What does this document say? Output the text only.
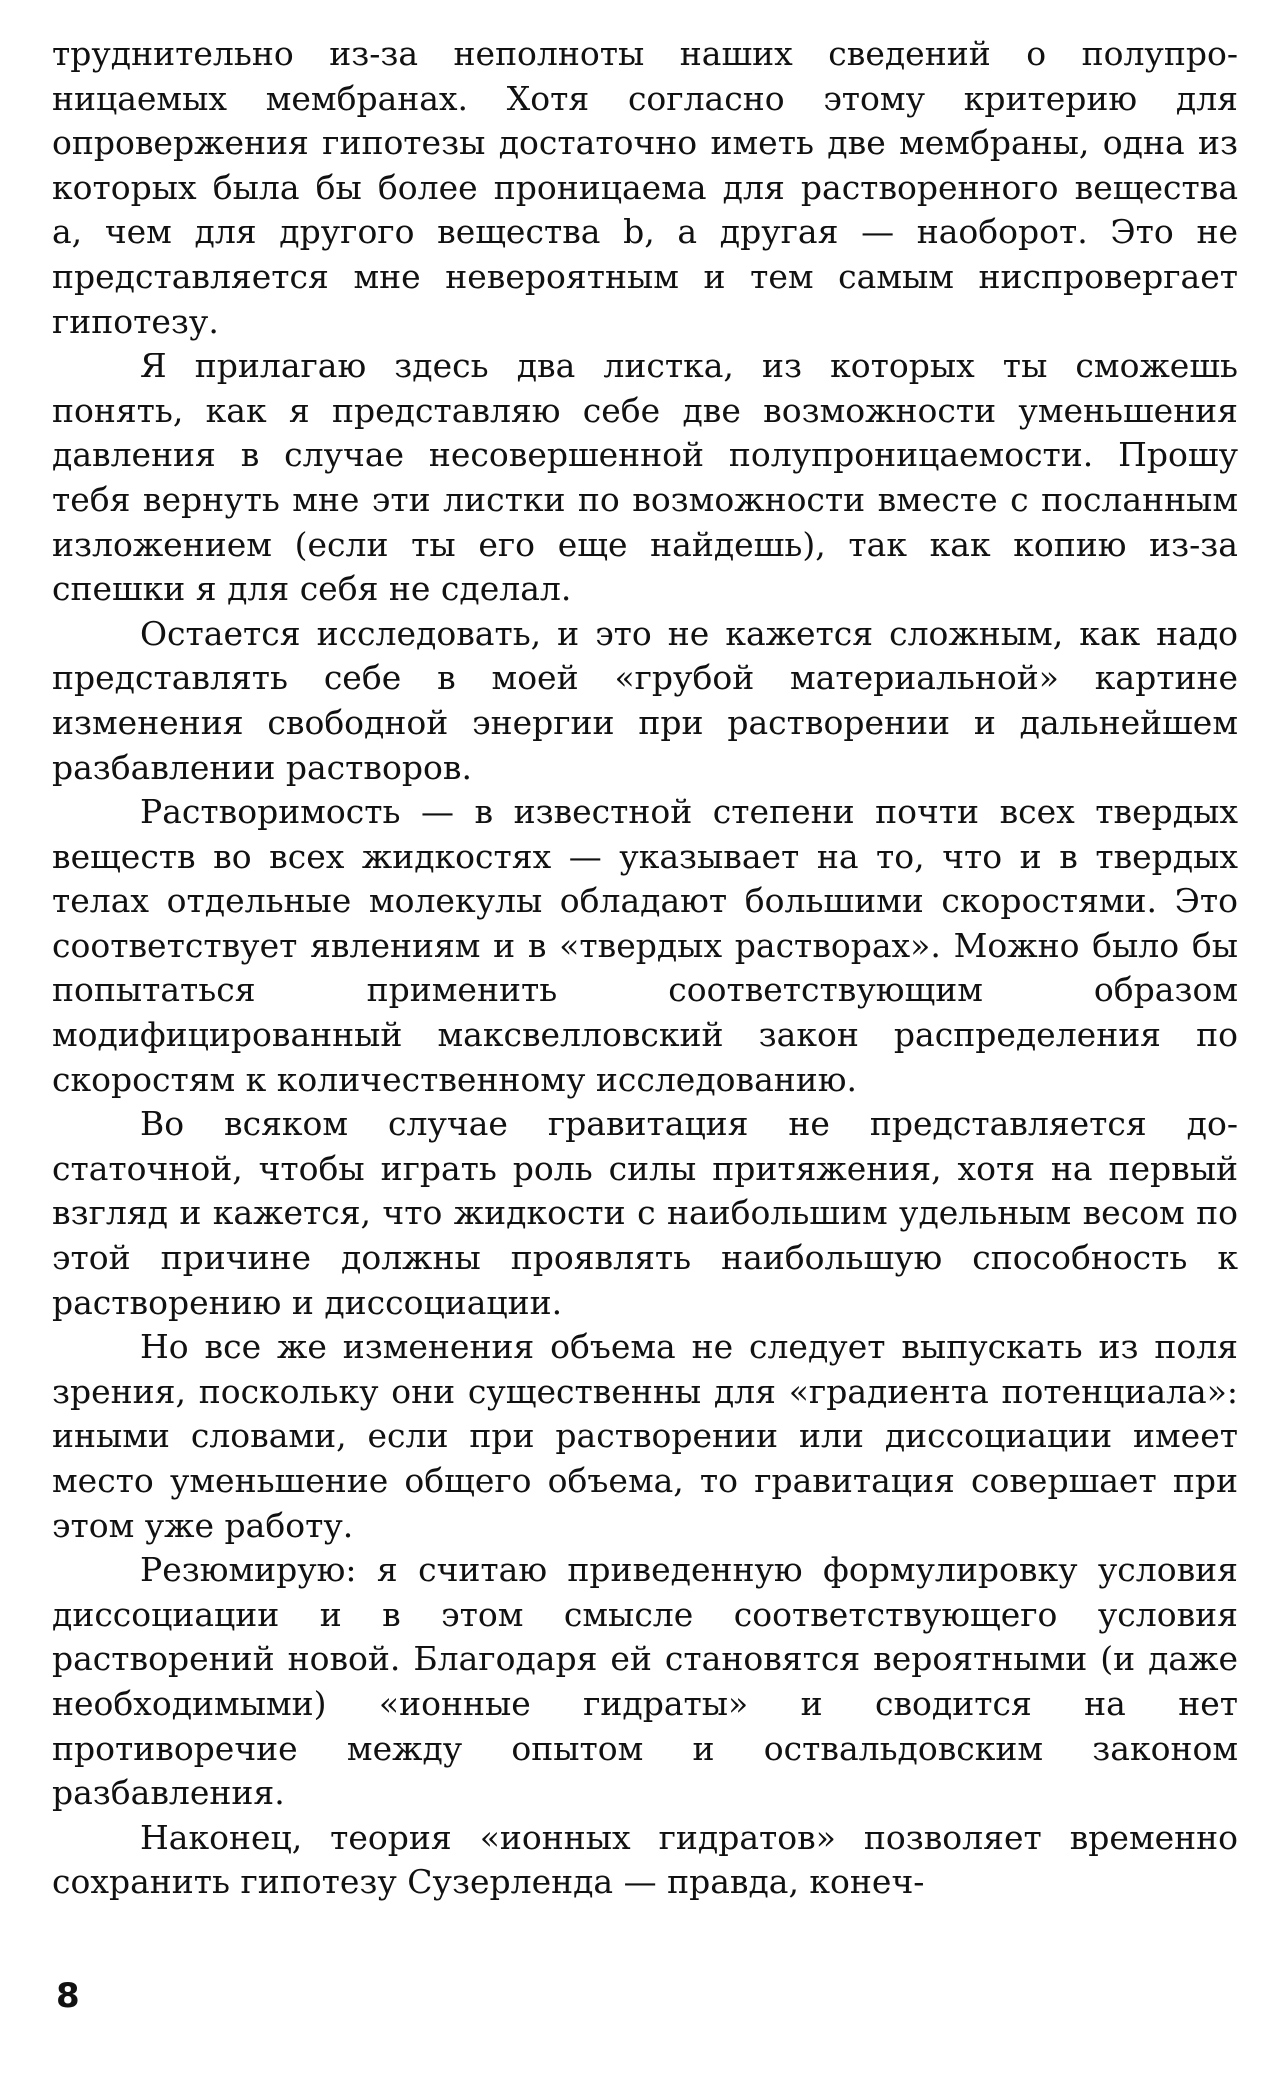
труднительно из-за неполноты наших сведений о полупроницаемых мембранах. Хотя согласно этому критерию для опровержения гипотезы достаточно иметь две мембраны, одна из которых была бы более проницаема для растворенного вещества a, чем для другого вещества b, а другая — наоборот. Это не представляется мне невероятным и тем самым ниспровергает гипотезу.

Я прилагаю здесь два листка, из которых ты сможешь понять, как я представляю себе две возможности уменьшения давления в случае несовершенной полупроницаемости. Прошу тебя вернуть мне эти листки по возможности вместе с посланным изложением (если ты его еще найдешь), так как копию из-за спешки я для себя не сделал.

Остается исследовать, и это не кажется сложным, как надо представлять себе в моей «грубой материальной» картине изменения свободной энергии при растворении и дальнейшем разбавлении растворов.

Растворимость — в известной степени почти всех твердых веществ во всех жидкостях — указывает на то, что и в твердых телах отдельные молекулы обладают большими скоростями. Это соответствует явлениям и в «твердых растворах». Можно было бы попытаться применить соответствующим образом модифицированный максвелловский закон распределения по скоростям к количественному исследованию.

Во всяком случае гравитация не представляется достаточной, чтобы играть роль силы притяжения, хотя на первый взгляд и кажется, что жидкости с наибольшим удельным весом по этой причине должны проявлять наибольшую способность к растворению и диссоциации.

Но все же изменения объема не следует выпускать из поля зрения, поскольку они существенны для «градиента потенциала»: иными словами, если при растворении или диссоциации имеет место уменьшение общего объема, то гравитация совершает при этом уже работу.

Резюмирую: я считаю приведенную формулировку условия диссоциации и в этом смысле соответствующего условия растворений новой. Благодаря ей становятся вероятными (и даже необходимыми) «ионные гидраты» и сводится на нет противоречие между опытом и оствальдовским законом разбавления.

Наконец, теория «ионных гидратов» позволяет временно сохранить гипотезу Сузерленда — правда, конеч-

8
